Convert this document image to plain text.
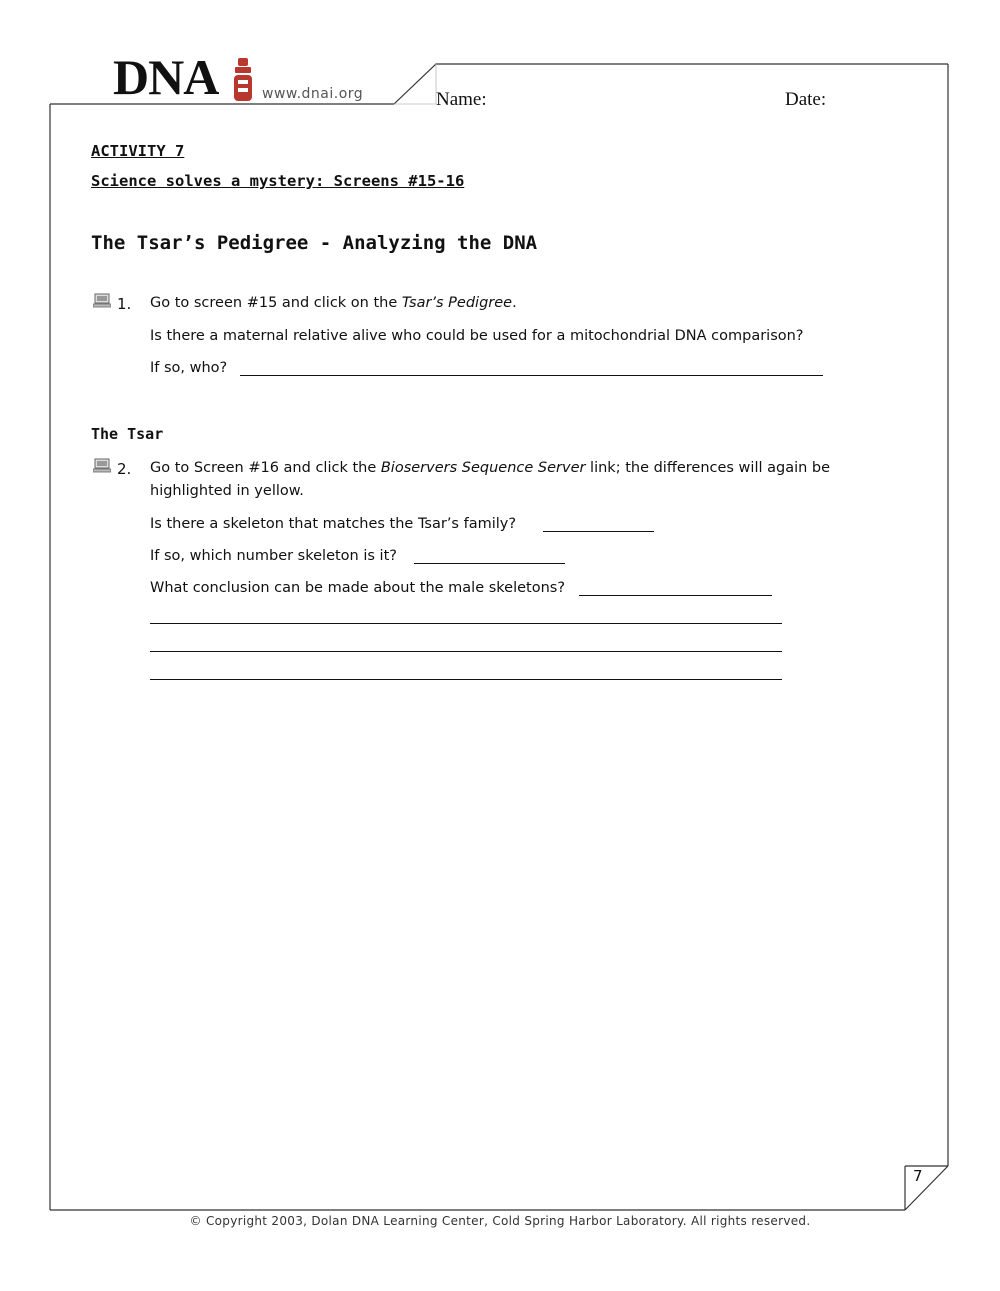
DNA	www.dnai.org	Name:	Date:
ACTIVITY 7
Science solves a mystery: Screens #15-16
The Tsar’s Pedigree - Analyzing the DNA
1. Go to screen #15 and click on the Tsar’s Pedigree.
Is there a maternal relative alive who could be used for a mitochondrial DNA comparison?
If so, who?
The Tsar
2. Go to Screen #16 and click the Bioservers Sequence Server link; the differences will again be
highlighted in yellow.
Is there a skeleton that matches the Tsar’s family?
If so, which number skeleton is it?
What conclusion can be made about the male skeletons?
7
© Copyright 2003, Dolan DNA Learning Center, Cold Spring Harbor Laboratory. All rights reserved.
